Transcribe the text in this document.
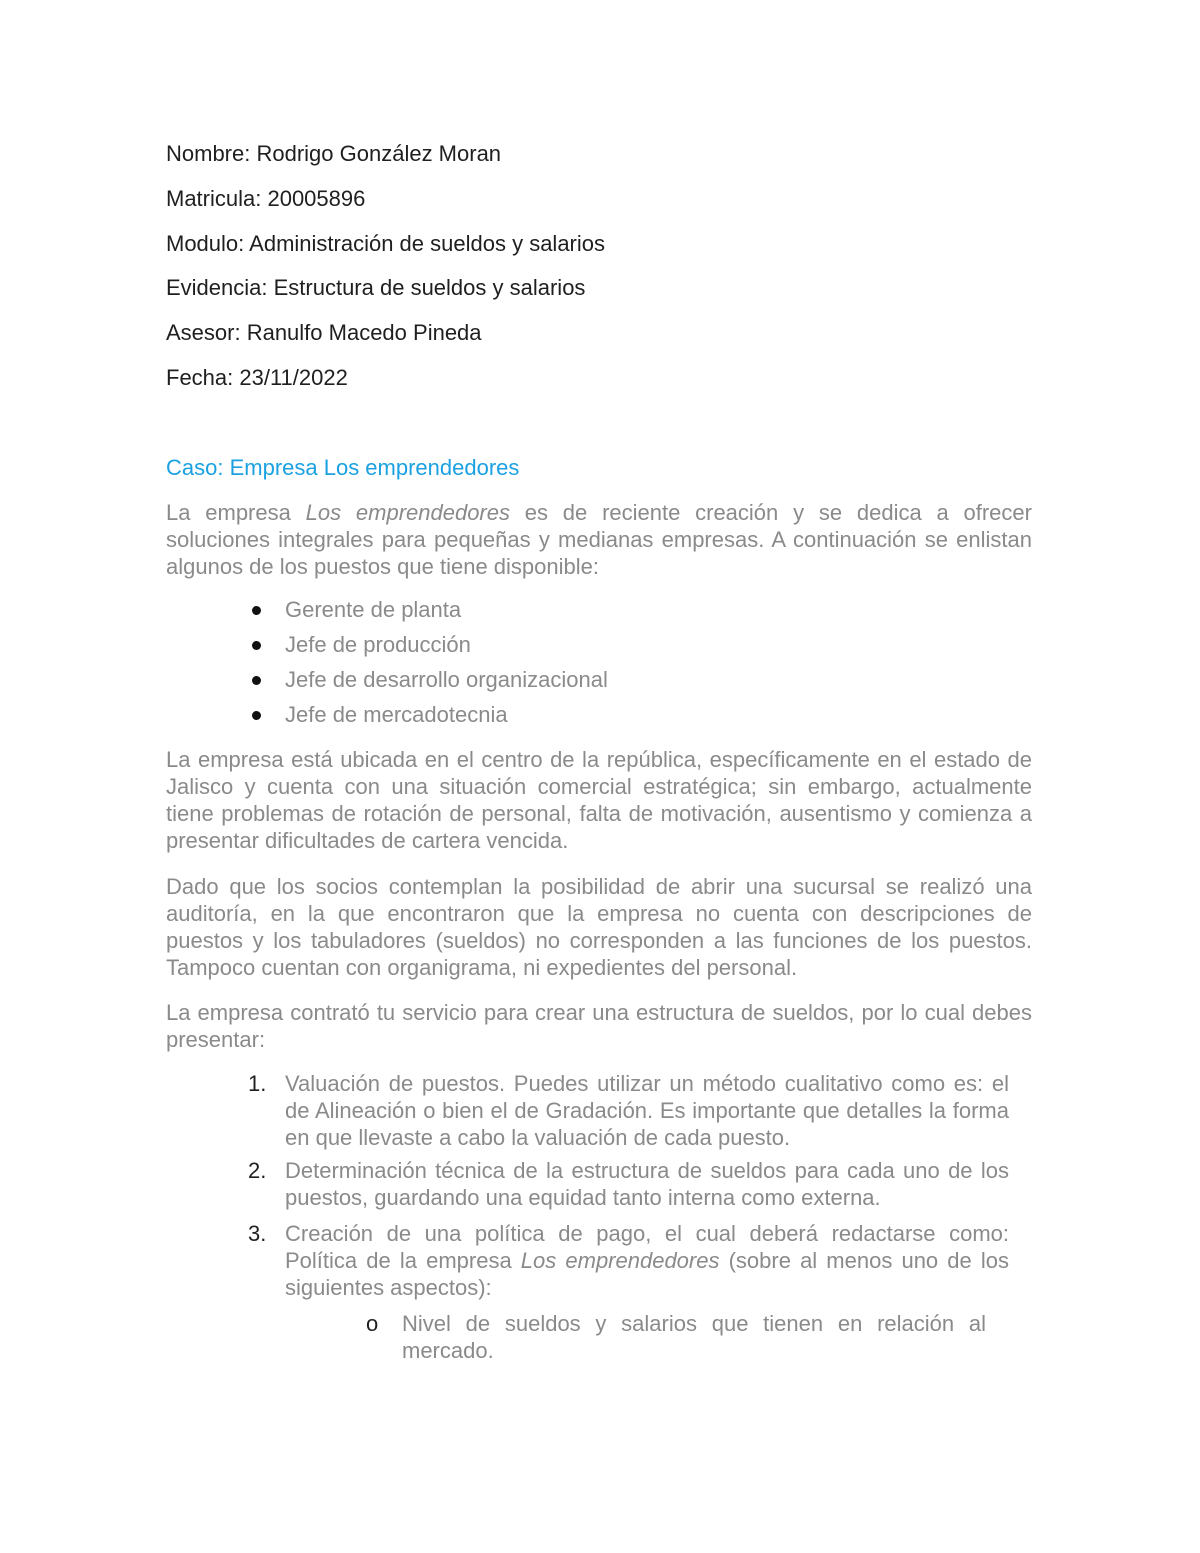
Nombre: Rodrigo González Moran
Matricula: 20005896
Modulo: Administración de sueldos y salarios
Evidencia: Estructura de sueldos y salarios
Asesor: Ranulfo Macedo Pineda
Fecha: 23/11/2022
Caso: Empresa Los emprendedores
La empresa Los emprendedores es de reciente creación y se dedica a ofrecer soluciones integrales para pequeñas y medianas empresas. A continuación se enlistan algunos de los puestos que tiene disponible:
Gerente de planta
Jefe de producción
Jefe de desarrollo organizacional
Jefe de mercadotecnia
La empresa está ubicada en el centro de la república, específicamente en el estado de Jalisco y cuenta con una situación comercial estratégica; sin embargo, actualmente tiene problemas de rotación de personal, falta de motivación, ausentismo y comienza a presentar dificultades de cartera vencida.
Dado que los socios contemplan la posibilidad de abrir una sucursal se realizó una auditoría, en la que encontraron que la empresa no cuenta con descripciones de puestos y los tabuladores (sueldos) no corresponden a las funciones de los puestos. Tampoco cuentan con organigrama, ni expedientes del personal.
La empresa contrató tu servicio para crear una estructura de sueldos, por lo cual debes presentar:
1. Valuación de puestos. Puedes utilizar un método cualitativo como es: el de Alineación o bien el de Gradación. Es importante que detalles la forma en que llevaste a cabo la valuación de cada puesto.
2. Determinación técnica de la estructura de sueldos para cada uno de los puestos, guardando una equidad tanto interna como externa.
3. Creación de una política de pago, el cual deberá redactarse como: Política de la empresa Los emprendedores (sobre al menos uno de los siguientes aspectos):
o Nivel de sueldos y salarios que tienen en relación al mercado.
